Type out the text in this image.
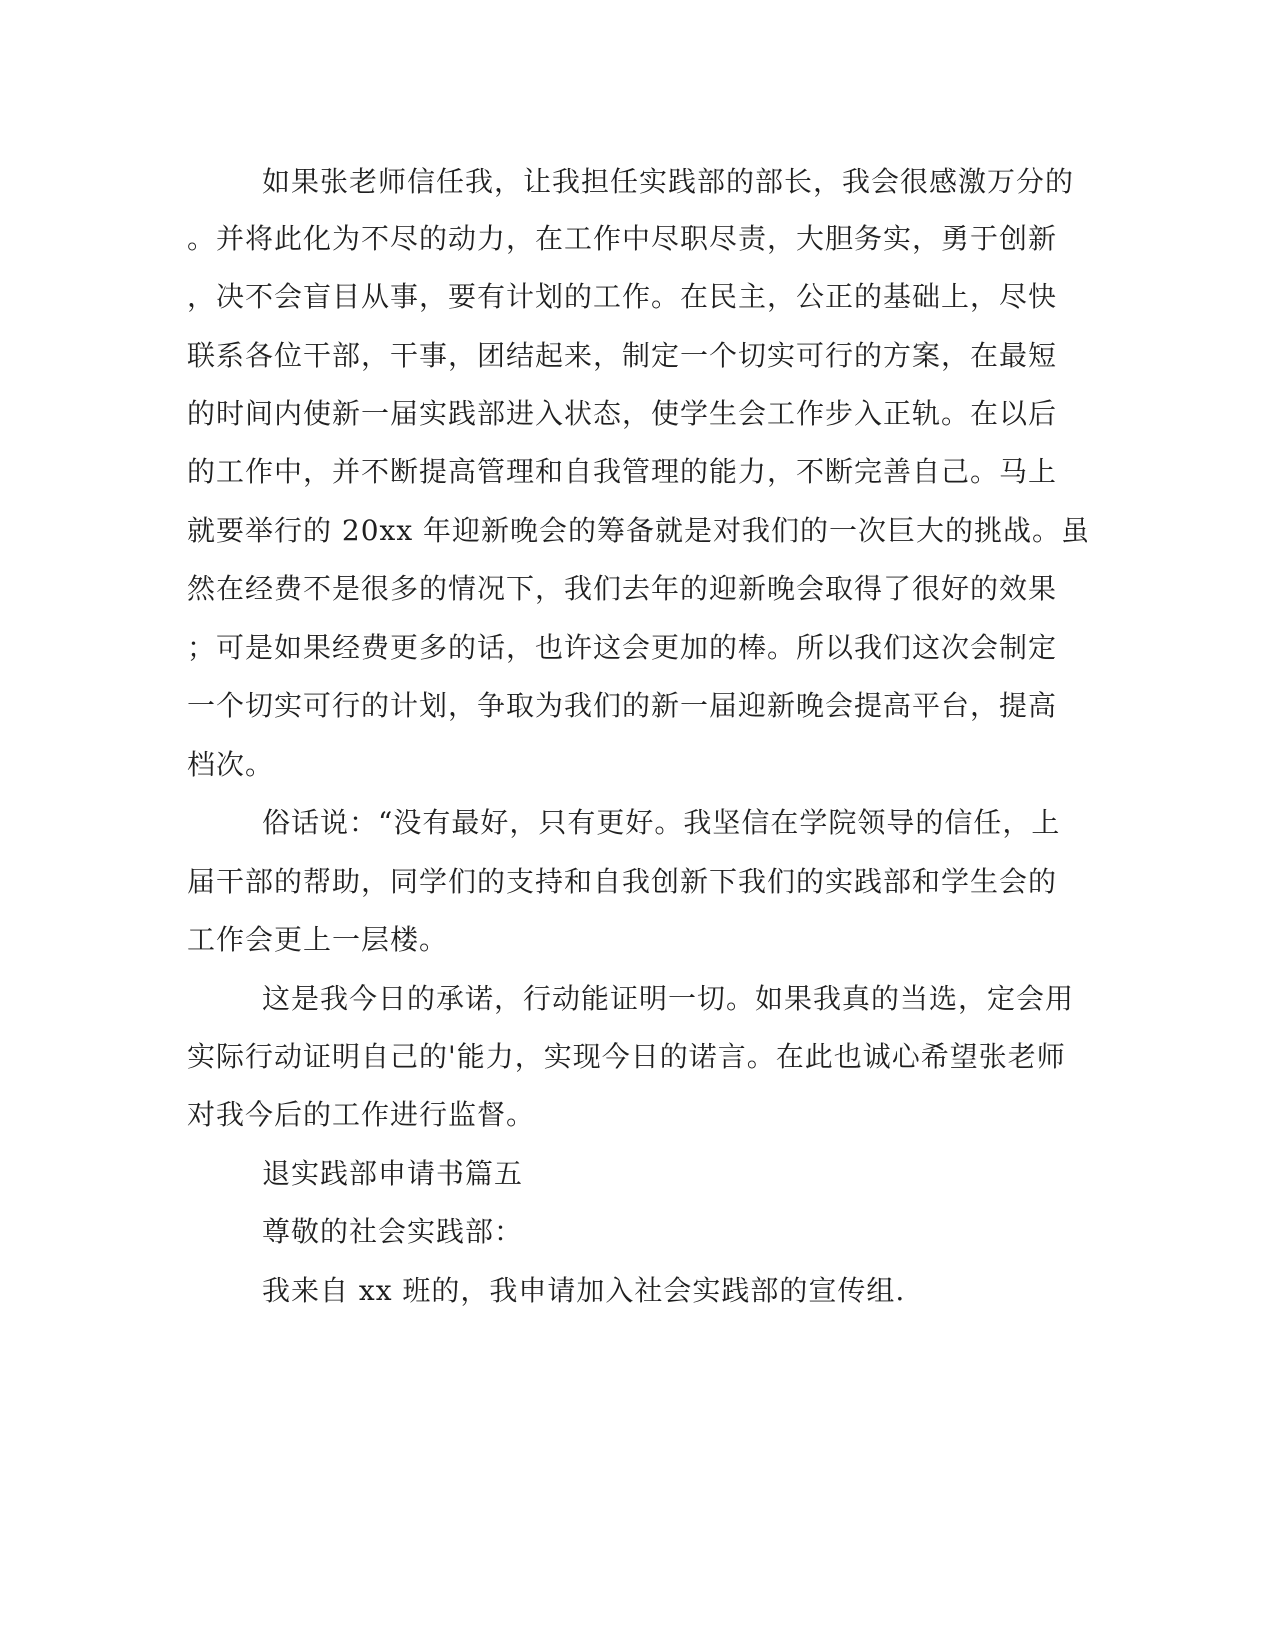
如果张老师信任我，让我担任实践部的部长，我会很感激万分的
。并将此化为不尽的动力，在工作中尽职尽责，大胆务实，勇于创新
，决不会盲目从事，要有计划的工作。在民主，公正的基础上，尽快
联系各位干部，干事，团结起来，制定一个切实可行的方案，在最短
的时间内使新一届实践部进入状态，使学生会工作步入正轨。在以后
的工作中，并不断提高管理和自我管理的能力，不断完善自己。马上
就要举行的 20xx 年迎新晚会的筹备就是对我们的一次巨大的挑战。虽
然在经费不是很多的情况下，我们去年的迎新晚会取得了很好的效果
；可是如果经费更多的话，也许这会更加的棒。所以我们这次会制定
一个切实可行的计划，争取为我们的新一届迎新晚会提高平台，提高
档次。
俗话说：“没有最好，只有更好。我坚信在学院领导的信任，上
届干部的帮助，同学们的支持和自我创新下我们的实践部和学生会的
工作会更上一层楼。
这是我今日的承诺，行动能证明一切。如果我真的当选，定会用
实际行动证明自己的'能力，实现今日的诺言。在此也诚心希望张老师
对我今后的工作进行监督。
退实践部申请书篇五
尊敬的社会实践部：
我来自 xx 班的，我申请加入社会实践部的宣传组.
